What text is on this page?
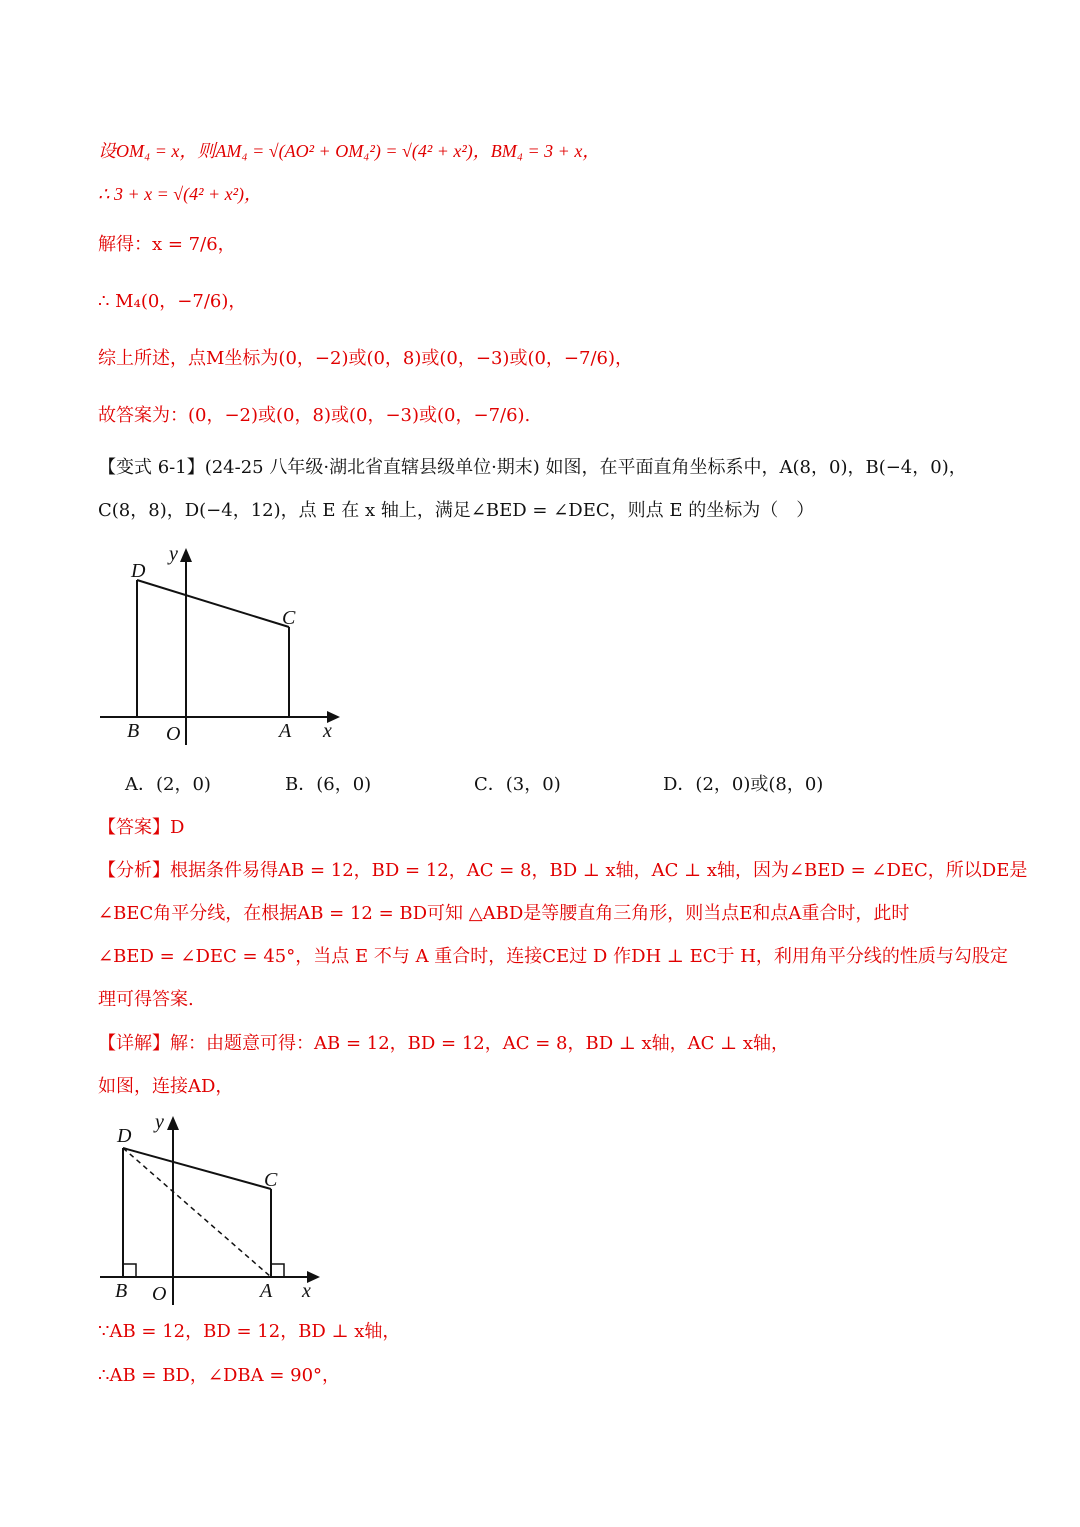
设OM₄ = x，则AM₄ = √(AO² + OM₄²) = √(4² + x²)，BM₄ = 3 + x，
∴ 3 + x = √(4² + x²)，
解得：x = 7/6，
∴ M₄(0，−7/6)，
综上所述，点M坐标为(0，−2)或(0，8)或(0，−3)或(0，−7/6)，
故答案为：(0，−2)或(0，8)或(0，−3)或(0，−7/6).
【变式 6-1】(24-25 八年级·湖北省直辖县级单位·期末) 如图，在平面直角坐标系中，A(8，0)，B(−4，0)，
C(8，8)，D(−4，12)，点 E 在 x 轴上，满足∠BED = ∠DEC，则点 E 的坐标为（　）
D
y
C
B O	A x
A．(2，0)	B．(6，0)	C．(3，0)	D．(2，0)或(8，0)
【答案】D
【分析】根据条件易得AB = 12，BD = 12，AC = 8，BD ⊥ x轴，AC ⊥ x轴，因为∠BED = ∠DEC，所以DE是
∠BEC角平分线，在根据AB = 12 = BD可知 △ABD是等腰直角三角形，则当点E和点A重合时，此时
∠BED = ∠DEC = 45°，当点 E 不与 A 重合时，连接CE过 D 作DH ⊥ EC于 H，利用角平分线的性质与勾股定
理可得答案.
【详解】解：由题意可得：AB = 12，BD = 12，AC = 8，BD ⊥ x轴，AC ⊥ x轴，
如图，连接AD，
D
y
C
B O	A x
∵AB = 12，BD = 12，BD ⊥ x轴，
∴AB = BD，∠DBA = 90°，
